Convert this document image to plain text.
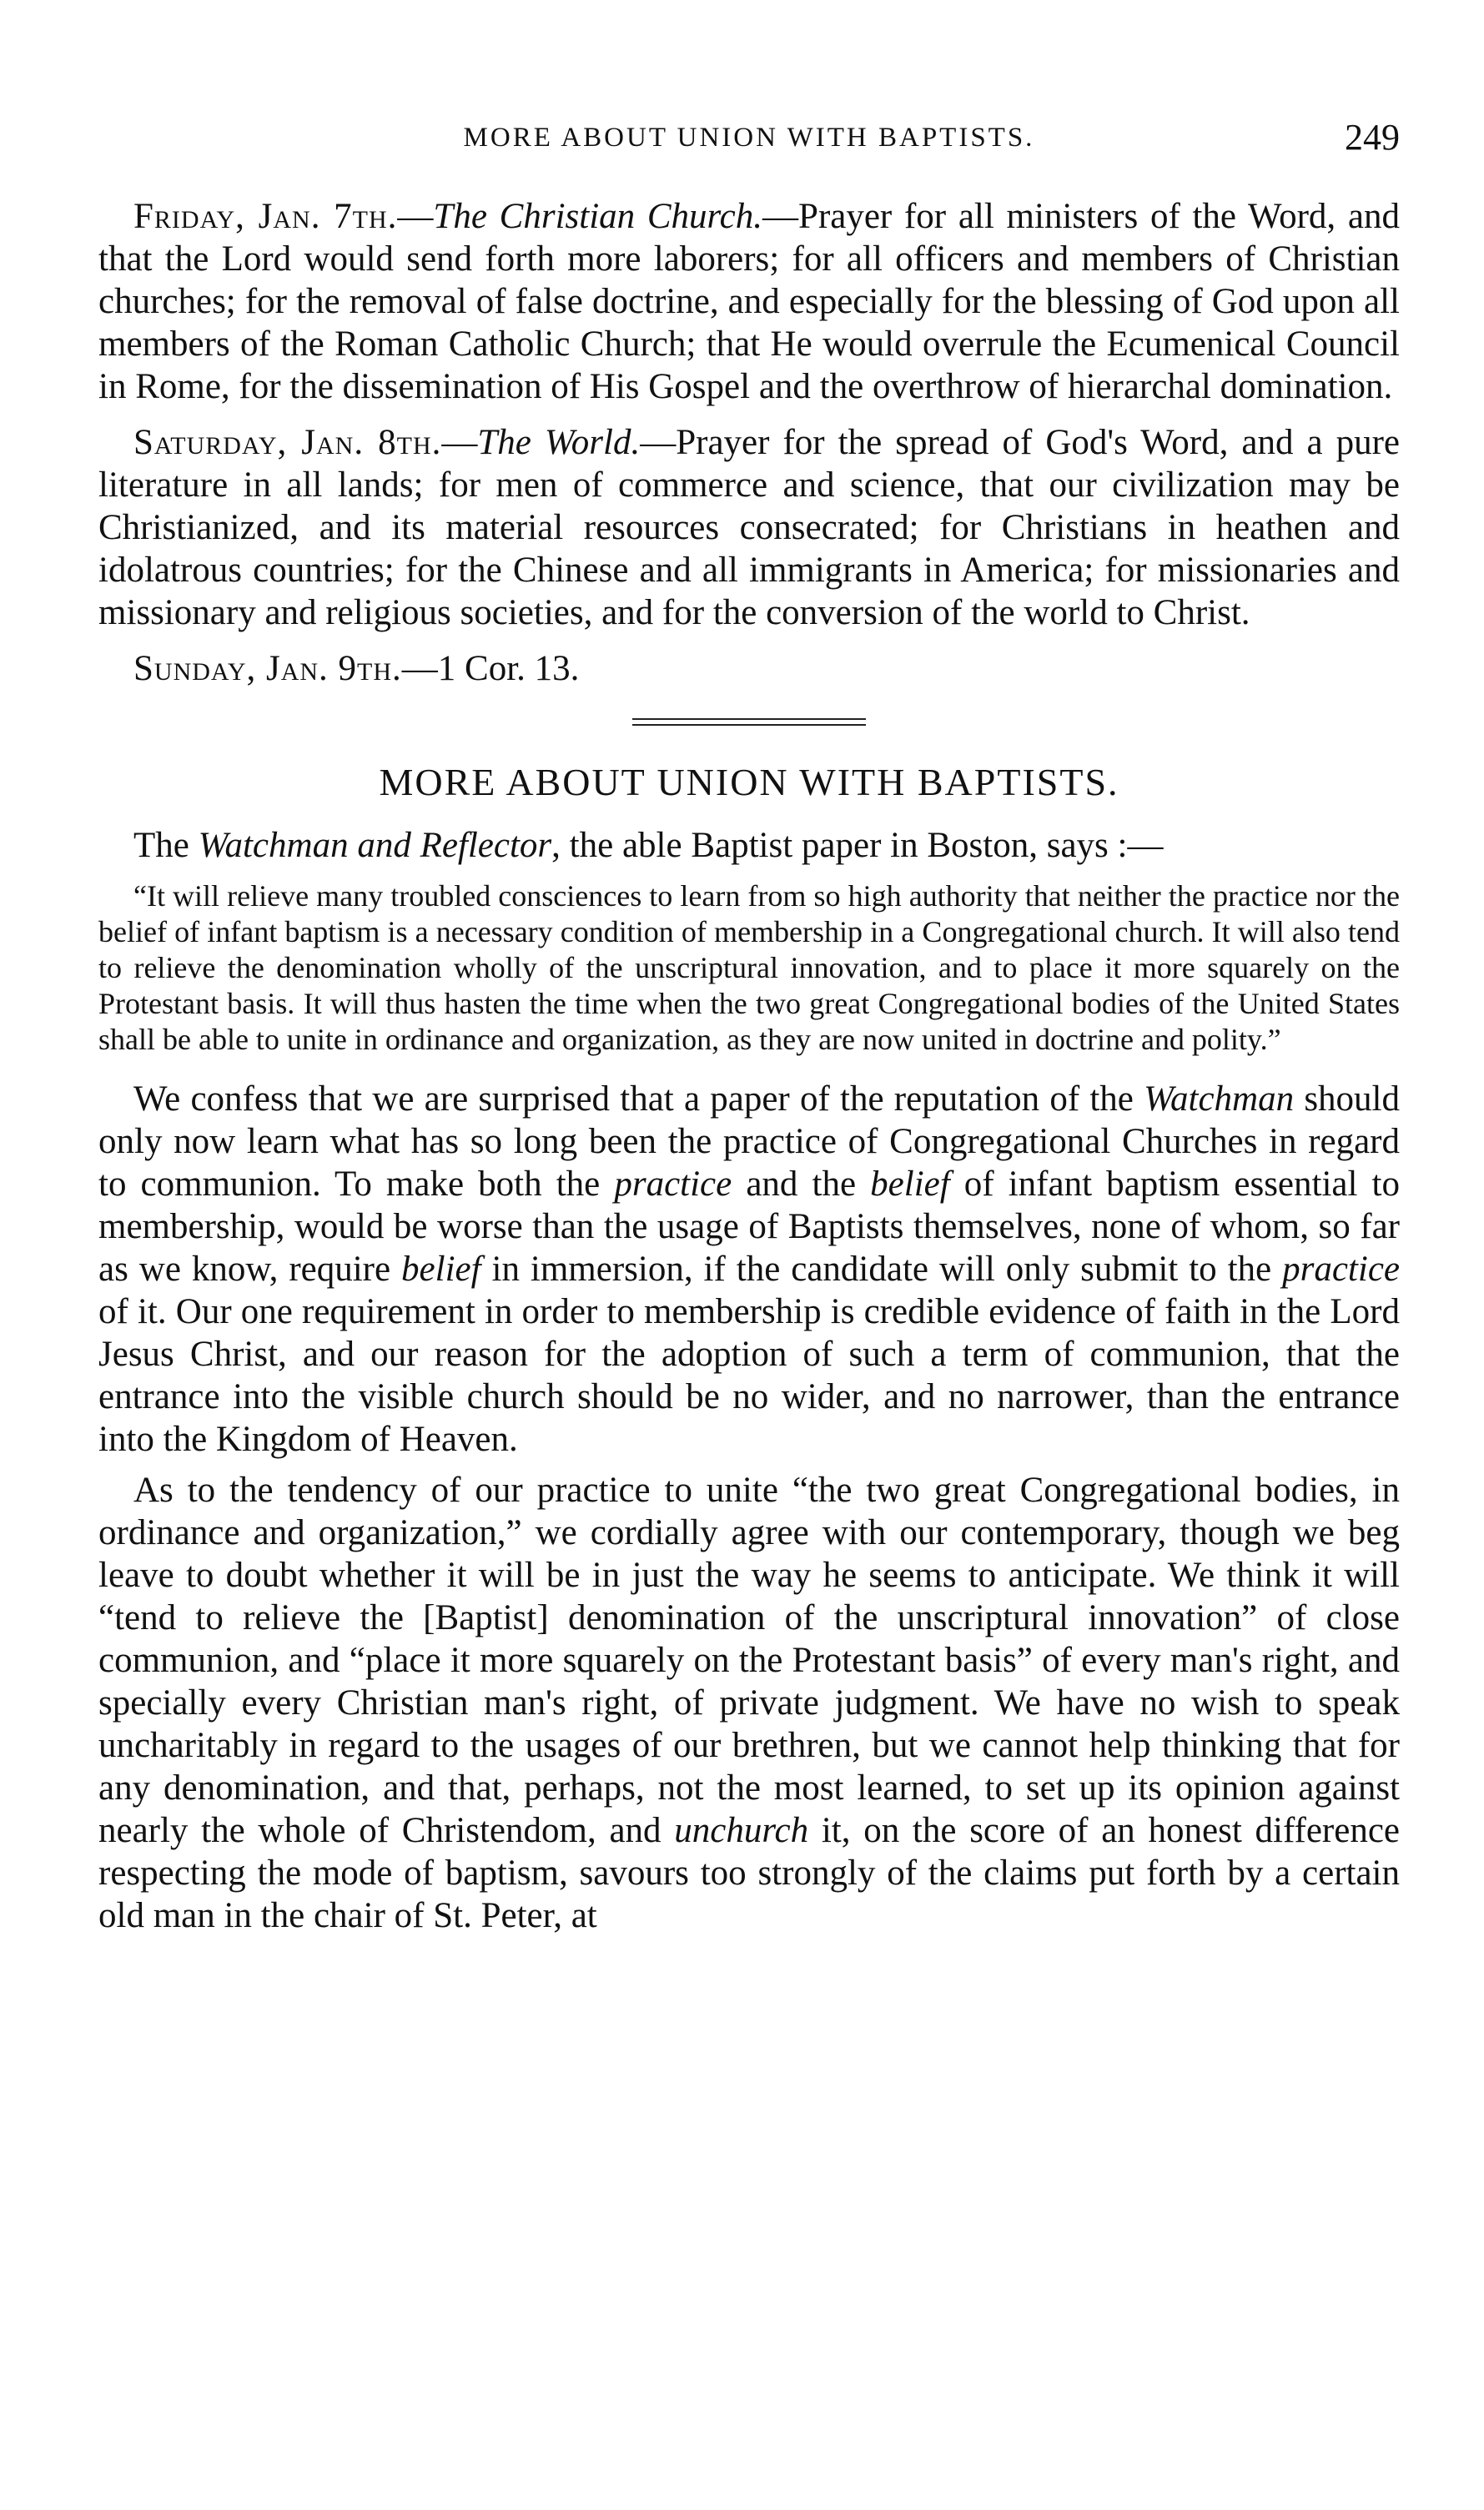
MORE ABOUT UNION WITH BAPTISTS.	249

Friday, Jan. 7th.—The Christian Church.—Prayer for all ministers of the Word, and that the Lord would send forth more laborers; for all officers and members of Christian churches; for the removal of false doctrine, and especially for the blessing of God upon all members of the Roman Catholic Church; that He would overrule the Ecumenical Council in Rome, for the dissemination of His Gospel and the overthrow of hierarchal domination.

Saturday, Jan. 8th.—The World.—Prayer for the spread of God's Word, and a pure literature in all lands; for men of commerce and science, that our civilization may be Christianized, and its material resources consecrated; for Christians in heathen and idolatrous countries; for the Chinese and all immigrants in America; for missionaries and missionary and religious societies, and for the conversion of the world to Christ.

Sunday, Jan. 9th.—1 Cor. 13.

MORE ABOUT UNION WITH BAPTISTS.

The Watchman and Reflector, the able Baptist paper in Boston, says :—

“It will relieve many troubled consciences to learn from so high authority that neither the practice nor the belief of infant baptism is a necessary condition of membership in a Congregational church. It will also tend to relieve the denomination wholly of the unscriptural innovation, and to place it more squarely on the Protestant basis. It will thus hasten the time when the two great Congregational bodies of the United States shall be able to unite in ordinance and organization, as they are now united in doctrine and polity.”

We confess that we are surprised that a paper of the reputation of the Watchman should only now learn what has so long been the practice of Congregational Churches in regard to communion. To make both the practice and the belief of infant baptism essential to membership, would be worse than the usage of Baptists themselves, none of whom, so far as we know, require belief in immersion, if the candidate will only submit to the practice of it. Our one requirement in order to membership is credible evidence of faith in the Lord Jesus Christ, and our reason for the adoption of such a term of communion, that the entrance into the visible church should be no wider, and no narrower, than the entrance into the Kingdom of Heaven.

As to the tendency of our practice to unite “the two great Congregational bodies, in ordinance and organization,” we cordially agree with our contemporary, though we beg leave to doubt whether it will be in just the way he seems to anticipate. We think it will “tend to relieve the [Baptist] denomination of the unscriptural innovation” of close communion, and “place it more squarely on the Protestant basis” of every man's right, and specially every Christian man's right, of private judgment. We have no wish to speak uncharitably in regard to the usages of our brethren, but we cannot help thinking that for any denomination, and that, perhaps, not the most learned, to set up its opinion against nearly the whole of Christendom, and unchurch it, on the score of an honest difference respecting the mode of baptism, savours too strongly of the claims put forth by a certain old man in the chair of St. Peter, at
